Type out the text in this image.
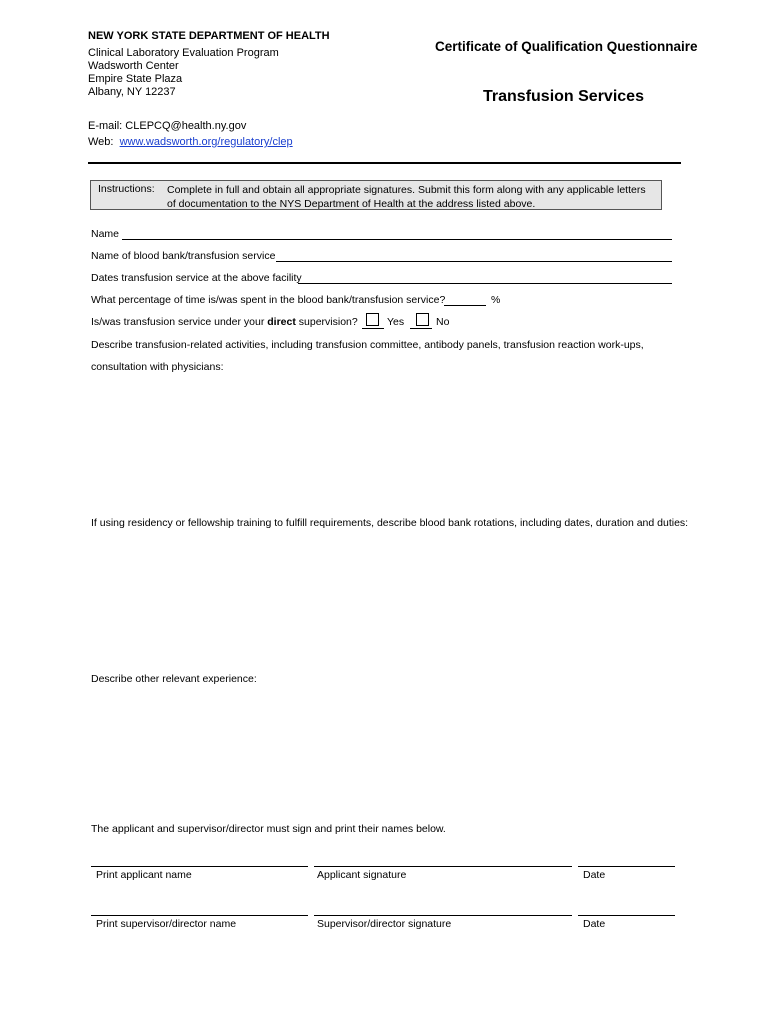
NEW YORK STATE DEPARTMENT OF HEALTH
Clinical Laboratory Evaluation Program
Wadsworth Center
Empire State Plaza
Albany, NY 12237
Certificate of Qualification Questionnaire
Transfusion Services
E-mail: CLEPCQ@health.ny.gov
Web: www.wadsworth.org/regulatory/clep
Instructions: Complete in full and obtain all appropriate signatures. Submit this form along with any applicable letters of documentation to the NYS Department of Health at the address listed above.
Name
Name of blood bank/transfusion service
Dates transfusion service at the above facility
What percentage of time is/was spent in the blood bank/transfusion service?	%
Is/was transfusion service under your direct supervision?	Yes	No
Describe transfusion-related activities, including transfusion committee, antibody panels, transfusion reaction work-ups,
consultation with physicians:
If using residency or fellowship training to fulfill requirements, describe blood bank rotations, including dates, duration and duties:
Describe other relevant experience:
The applicant and supervisor/director must sign and print their names below.
Print applicant name	Applicant signature	Date
Print supervisor/director name	Supervisor/director signature	Date
